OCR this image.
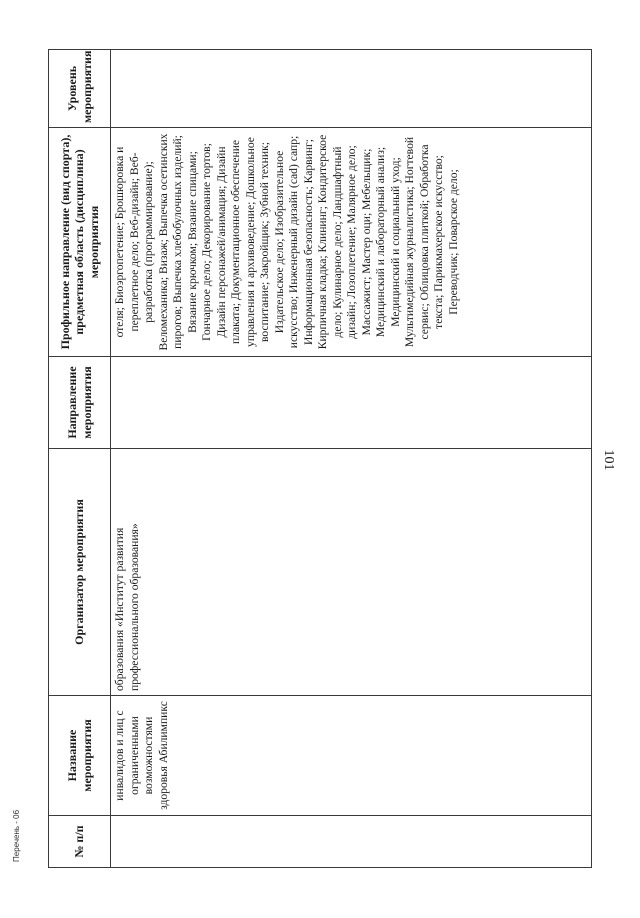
101
№ п/п	Название мероприятия	Организатор мероприятия	Направление мероприятия	Профильное направление (вид спорта), предметная область (дисциплина) мероприятия	Уровень мероприятия
	инвалидов и лиц с ограниченными возможностями здоровья Абилимпикс	образования «Институт развития профессионального образования»		отеля; Биоэргопетение; Брошюровка и переплетное дело; Веб-дизайн; Веб-разработка (программирование); Веломеханика; Визаж; Выпечка осетинских пирогов; Выпечка хлебобулочных изделий; Вязание крючком; Вязание спицами; Гончарное дело; Декорирование тортов; Дизайн персонажей/анимация; Дизайн плаката; Документационное обеспечение управления и архивоведение; Дошкольное воспитание; Закройщик; Зубной техник; Издательское дело; Изобразительное искусство; Инженерный дизайн (cad) сапр; Информационная безопасность; Карвинг; Кирпичная кладка; Клининг; Кондитерское дело; Кулинарное дело; Ландшафтный дизайн; Лозоплетение; Малярное дело; Массажист; Мастер оци; Мебельщик; Медицинский и лабораторный анализ; Медицинский и социальный уход; Мультимедийная журналистика; Ногтевой сервис; Облицовка плиткой; Обработка текста; Парикмахерское искусство; Переводчик; Поварское дело;	
Перечень - 06
